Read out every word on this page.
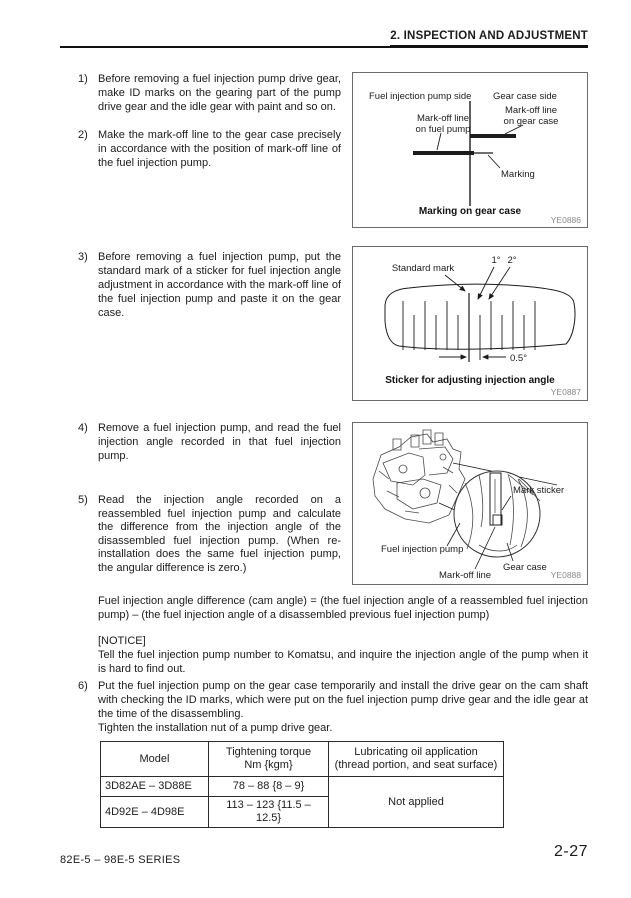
2. INSPECTION AND ADJUSTMENT
1) Before removing a fuel injection pump drive gear, make ID marks on the gearing part of the pump drive gear and the idle gear with paint and so on.
2) Make the mark-off line to the gear case precisely in accordance with the position of mark-off line of the fuel injection pump.
3) Before removing a fuel injection pump, put the standard mark of a sticker for fuel injection angle adjustment in accordance with the mark-off line of the fuel injection pump and paste it on the gear case.
4) Remove a fuel injection pump, and read the fuel injection angle recorded in that fuel injection pump.
5) Read the injection angle recorded on a reassembled fuel injection pump and calculate the difference from the injection angle of the disassembled fuel injection pump. (When re-installation does the same fuel injection pump, the angular difference is zero.)
Fuel injection angle difference (cam angle) = (the fuel injection angle of a reassembled fuel injection pump) – (the fuel injection angle of a disassembled previous fuel injection pump)
[NOTICE]
Tell the fuel injection pump number to Komatsu, and inquire the injection angle of the pump when it is hard to find out.
6) Put the fuel injection pump on the gear case temporarily and install the drive gear on the cam shaft with checking the ID marks, which were put on the fuel injection pump drive gear and the idle gear at the time of the disassembling.
Tighten the installation nut of a pump drive gear.
Fuel injection pump side Gear case side
Mark-off line
on gear case
Mark-off line
on fuel pump
Marking
Marking on gear case
YE0886
Standard mark
1° 2°
0.5°
Sticker for adjusting injection angle
YE0887
Mark sticker
Fuel injection pump
Mark-off line
Gear case
YE0888
Model

Tightening torque
Nm {kgm}

Lubricating oil application
(thread portion, and seat surface)

3D82AE – 3D88E	78 – 88 {8 – 9}	Not applied
4D92E – 4D98E	113 – 123 {11.5 – 12.5}	
82E-5 – 98E-5 SERIES	2-27
